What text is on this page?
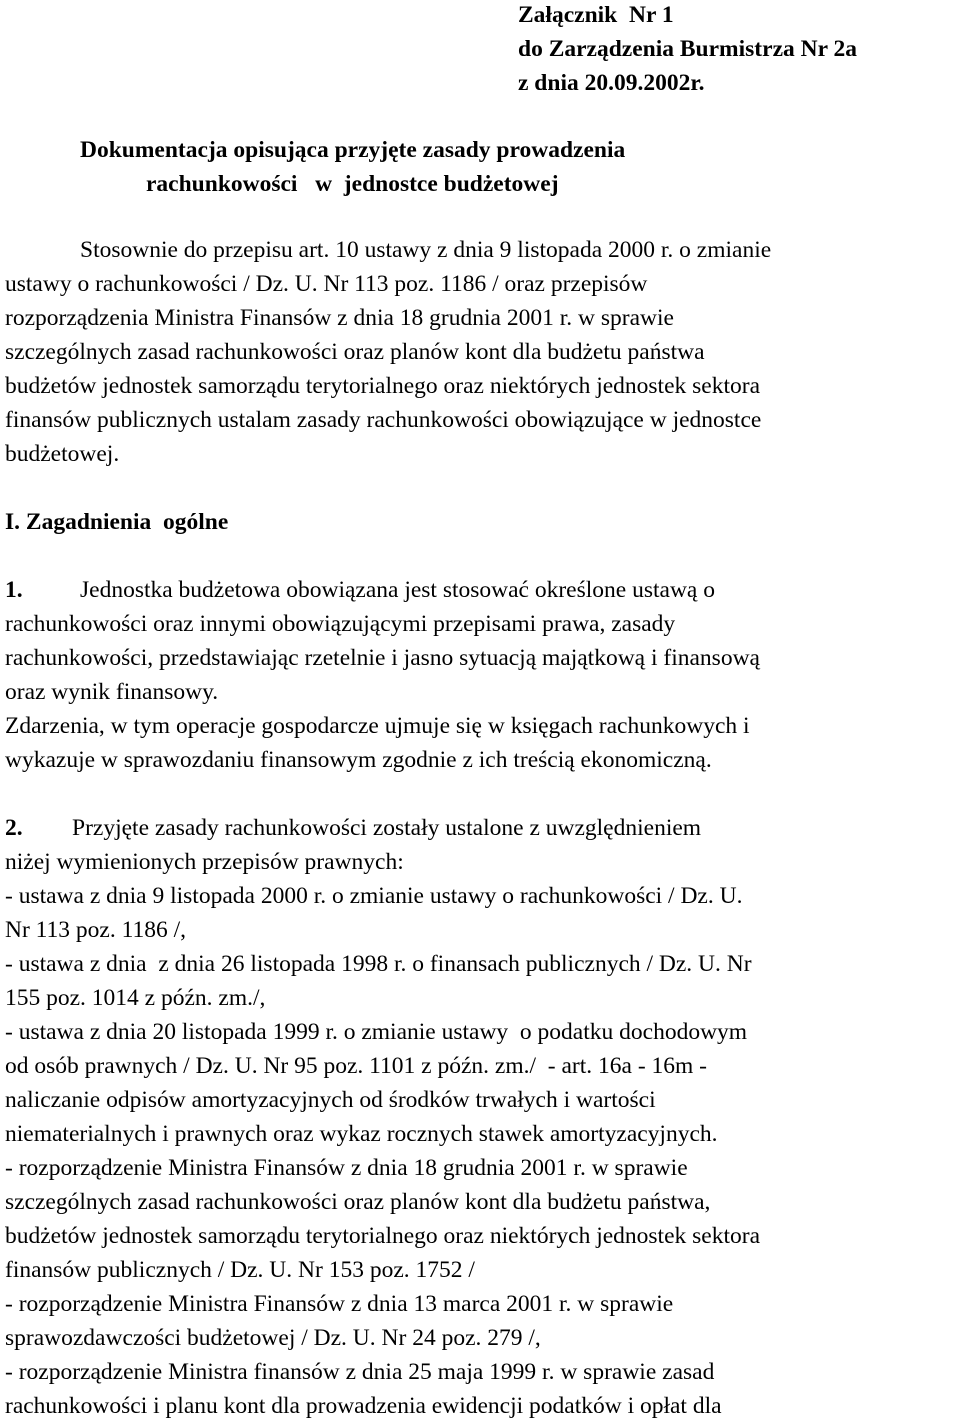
Załącznik  Nr 1

do Zarządzenia Burmistrza Nr 2a

z dnia 20.09.2002r.

Dokumentacja opisująca przyjęte zasady prowadzenia

rachunkowości   w  jednostce budżetowej

Stosownie do przepisu art. 10 ustawy z dnia 9 listopada 2000 r. o zmianie

ustawy o rachunkowości / Dz. U. Nr 113 poz. 1186 / oraz przepisów

rozporządzenia Ministra Finansów z dnia 18 grudnia 2001 r. w sprawie

szczególnych zasad rachunkowości oraz planów kont dla budżetu państwa

budżetów jednostek samorządu terytorialnego oraz niektórych jednostek sektora

finansów publicznych ustalam zasady rachunkowości obowiązujące w jednostce

budżetowej.

I. Zagadnienia  ogólne

1. Jednostka budżetowa obowiązana jest stosować określone ustawą o

rachunkowości oraz innymi obowiązującymi przepisami prawa, zasady

rachunkowości, przedstawiając rzetelnie i jasno sytuacją majątkową i finansową

oraz wynik finansowy.

Zdarzenia, w tym operacje gospodarcze ujmuje się w księgach rachunkowych i

wykazuje w sprawozdaniu finansowym zgodnie z ich treścią ekonomiczną.

2. Przyjęte zasady rachunkowości zostały ustalone z uwzględnieniem

niżej wymienionych przepisów prawnych:

- ustawa z dnia 9 listopada 2000 r. o zmianie ustawy o rachunkowości / Dz. U.

Nr 113 poz. 1186 /,

- ustawa z dnia  z dnia 26 listopada 1998 r. o finansach publicznych / Dz. U. Nr

155 poz. 1014 z późn. zm./,

- ustawa z dnia 20 listopada 1999 r. o zmianie ustawy  o podatku dochodowym

od osób prawnych / Dz. U. Nr 95 poz. 1101 z późn. zm./  - art. 16a - 16m -

naliczanie odpisów amortyzacyjnych od środków trwałych i wartości

niematerialnych i prawnych oraz wykaz rocznych stawek amortyzacyjnych.

- rozporządzenie Ministra Finansów z dnia 18 grudnia 2001 r. w sprawie

szczególnych zasad rachunkowości oraz planów kont dla budżetu państwa,

budżetów jednostek samorządu terytorialnego oraz niektórych jednostek sektora

finansów publicznych / Dz. U. Nr 153 poz. 1752 /

- rozporządzenie Ministra Finansów z dnia 13 marca 2001 r. w sprawie

sprawozdawczości budżetowej / Dz. U. Nr 24 poz. 279 /,

- rozporządzenie Ministra finansów z dnia 25 maja 1999 r. w sprawie zasad

rachunkowości i planu kont dla prowadzenia ewidencji podatków i opłat dla
